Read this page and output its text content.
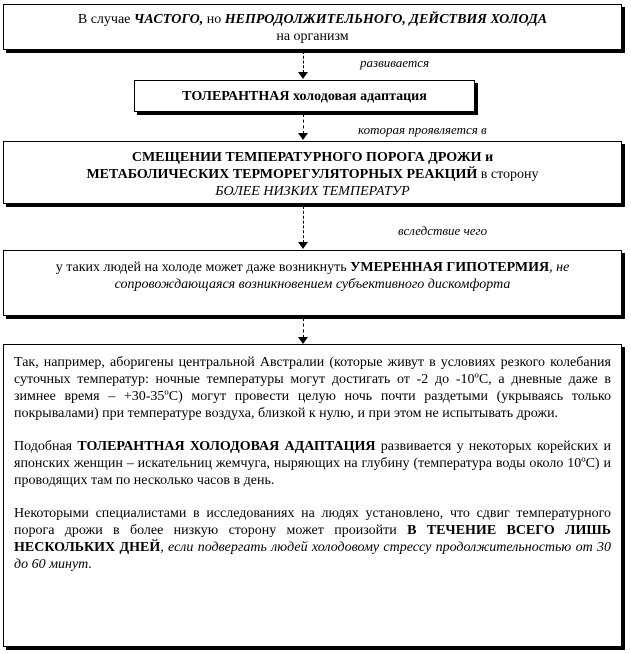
В случае ЧАСТОГО, но НЕПРОДОЛЖИТЕЛЬНОГО, ДЕЙСТВИЯ ХОЛОДА
на организм

развивается

ТОЛЕРАНТНАЯ холодовая адаптация

которая проявляется в

СМЕЩЕНИИ ТЕМПЕРАТУРНОГО ПОРОГА ДРОЖИ и
МЕТАБОЛИЧЕСКИХ ТЕРМОРЕГУЛЯТОРНЫХ РЕАКЦИЙ в сторону
БОЛЕЕ НИЗКИХ ТЕМПЕРАТУР

вследствие чего

у таких людей на холоде может даже возникнуть УМЕРЕННАЯ ГИПОТЕРМИЯ, не сопровождающаяся возникновением субъективного дискомфорта

Так, например, аборигены центральной Австралии (которые живут в условиях резкого колебания суточных температур: ночные температуры могут достигать от -2 до -10ºС, а дневные даже в зимнее время – +30-35ºС) могут провести целую ночь почти раздетыми (укрываясь только покрывалами) при температуре воздуха, близкой к нулю, и при этом не испытывать дрожи.

Подобная ТОЛЕРАНТНАЯ ХОЛОДОВАЯ АДАПТАЦИЯ развивается у некоторых корейских и японских женщин – искательниц жемчуга, ныряющих на глубину (температура воды около 10ºС) и проводящих там по несколько часов в день.

Некоторыми специалистами в исследованиях на людях установлено, что сдвиг температурного порога дрожи в более низкую сторону может произойти В ТЕЧЕНИЕ ВСЕГО ЛИШЬ НЕСКОЛЬКИХ ДНЕЙ, если подвергать людей холодовому стрессу продолжительностью от 30 до 60 минут.
